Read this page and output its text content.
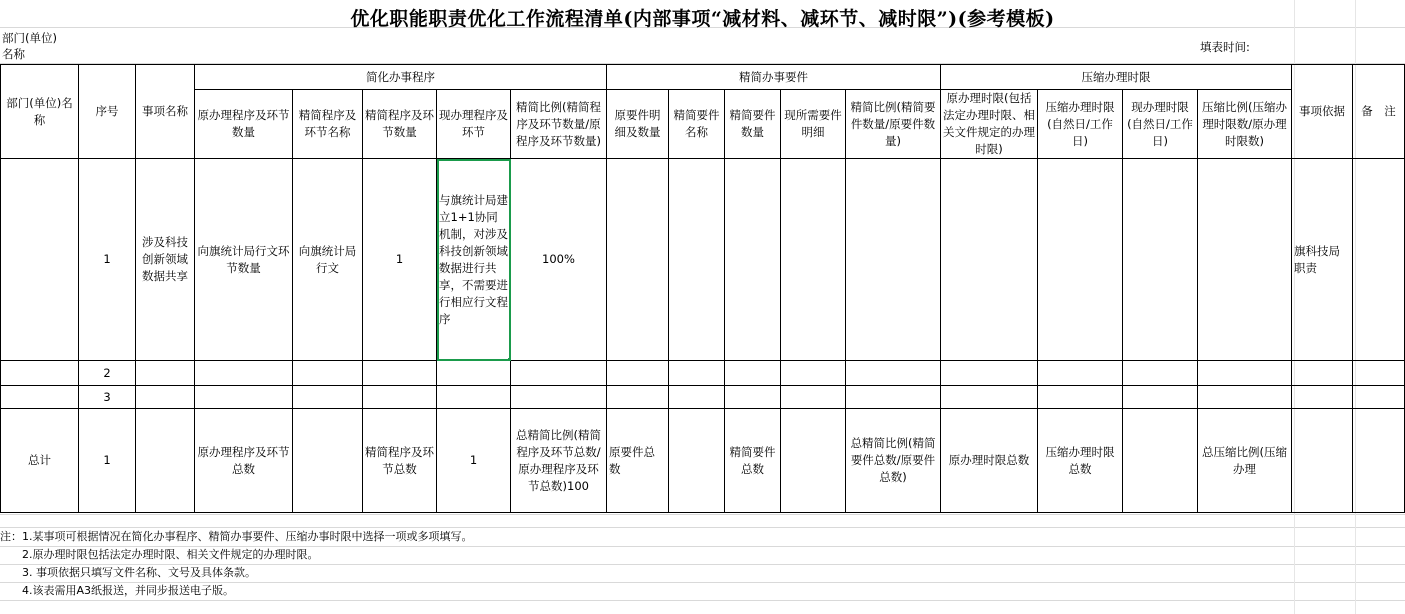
优化职能职责优化工作流程清单(内部事项“减材料、减环节、减时限”)(参考模板)
部门(单位)
名称	填表时间:
部门(单位)名称	序号	事项名称	简化办事程序					精简办事要件					压缩办理时限				事项依据	备　注
			原办理程序及环节数量	精简程序及环节名称	精简程序及环节数量	现办理程序及环节	精简比例(精简程序及环节数量/原程序及环节数量)	原要件明细及数量	精简要件名称	精简要件数量	现所需要件明细	精简比例(精简要件数量/原要件数量)	原办理时限(包括法定办理时限、相关文件规定的办理时限)	压缩办理时限(自然日/工作日)	现办理时限(自然日/工作日)	压缩比例(压缩办理时限数/原办理时限数)		
	1	涉及科技创新领域数据共享	向旗统计局行文环节数量	向旗统计局行文	1	与旗统计局建立1+1协同机制，对涉及科技创新领域数据进行共享，不需要进行相应行文程序	100%										旗科技局职责	
	2																	
	3																	
总计	1		原办理程序及环节总数		精简程序及环节总数	1	总精简比例(精简程序及环节总数/原办理程序及环节总数)100	原要件总数		精简要件总数		总精简比例(精简要件总数/原要件总数)	原办理时限总数	压缩办理时限总数		总压缩比例(压缩办理		
注：1.某事项可根据情况在简化办事程序、精简办事要件、压缩办事时限中选择一项或多项填写。
2.原办理时限包括法定办理时限、相关文件规定的办理时限。
3. 事项依据只填写文件名称、文号及具体条款。
4.该表需用A3纸报送，并同步报送电子版。
